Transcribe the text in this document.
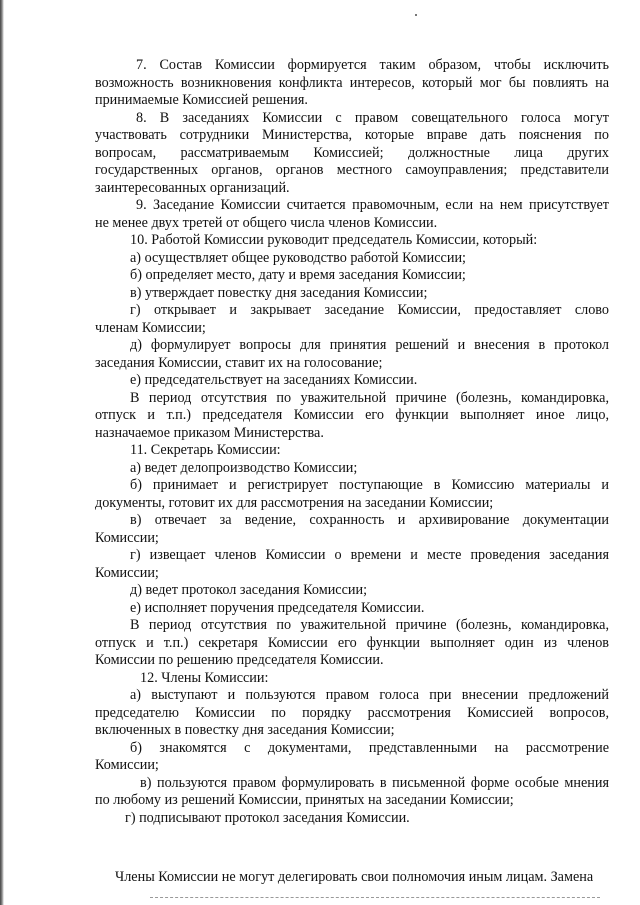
7. Состав Комиссии формируется таким образом, чтобы исключить

возможность возникновения конфликта интересов, который мог бы повлиять на

принимаемые Комиссией решения.

8. В заседаниях Комиссии с правом совещательного голоса могут

участвовать сотрудники Министерства, которые вправе дать пояснения по

вопросам, рассматриваемым Комиссией; должностные лица других

государственных органов, органов местного самоуправления; представители

заинтересованных организаций.

9. Заседание Комиссии считается правомочным, если на нем присутствует

не менее двух третей от общего числа членов Комиссии.

10. Работой Комиссии руководит председатель Комиссии, который:

а) осуществляет общее руководство работой Комиссии;

б) определяет место, дату и время заседания Комиссии;

в) утверждает повестку дня заседания Комиссии;

г) открывает и закрывает заседание Комиссии, предоставляет слово

членам Комиссии;

д) формулирует вопросы для принятия решений и внесения в протокол

заседания Комиссии, ставит их на голосование;

е) председательствует на заседаниях Комиссии.

В период отсутствия по уважительной причине (болезнь, командировка,

отпуск и т.п.) председателя Комиссии его функции выполняет иное лицо,

назначаемое приказом Министерства.

11. Секретарь Комиссии:

а) ведет делопроизводство Комиссии;

б) принимает и регистрирует поступающие в Комиссию материалы и

документы, готовит их для рассмотрения на заседании Комиссии;

в) отвечает за ведение, сохранность и архивирование документации

Комиссии;

г) извещает членов Комиссии о времени и месте проведения заседания

Комиссии;

д) ведет протокол заседания Комиссии;

е) исполняет поручения председателя Комиссии.

В период отсутствия по уважительной причине (болезнь, командировка,

отпуск и т.п.) секретаря Комиссии его функции выполняет один из членов

Комиссии по решению председателя Комиссии.

12. Члены Комиссии:

а) выступают и пользуются правом голоса при внесении предложений

председателю Комиссии по порядку рассмотрения Комиссией вопросов,

включенных в повестку дня заседания Комиссии;

б) знакомятся с документами, представленными на рассмотрение

Комиссии;

в) пользуются правом формулировать в письменной форме особые мнения

по любому из решений Комиссии, принятых на заседании Комиссии;

г) подписывают протокол заседания Комиссии.

Члены Комиссии не могут делегировать свои полномочия иным лицам. Замена
